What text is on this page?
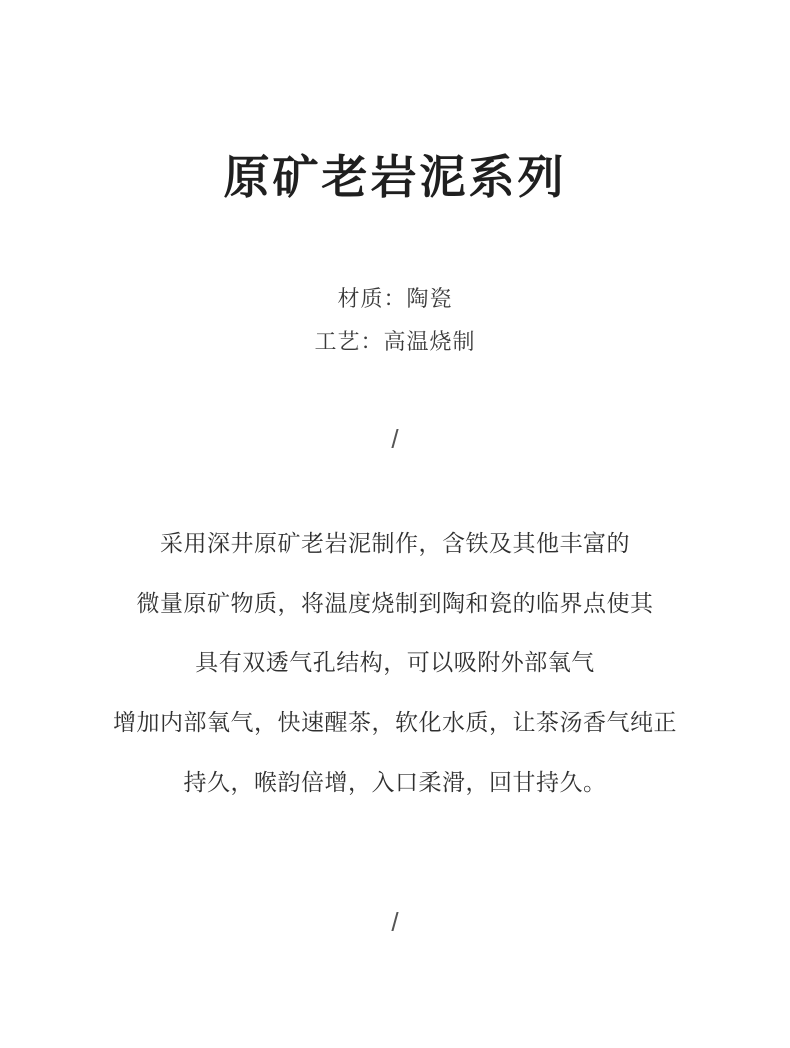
原矿老岩泥系列
材质：陶瓷
工艺：高温烧制
/
采用深井原矿老岩泥制作，含铁及其他丰富的
微量原矿物质，将温度烧制到陶和瓷的临界点使其
具有双透气孔结构，可以吸附外部氧气
增加内部氧气，快速醒茶，软化水质，让茶汤香气纯正
持久，喉韵倍增，入口柔滑，回甘持久。
/
